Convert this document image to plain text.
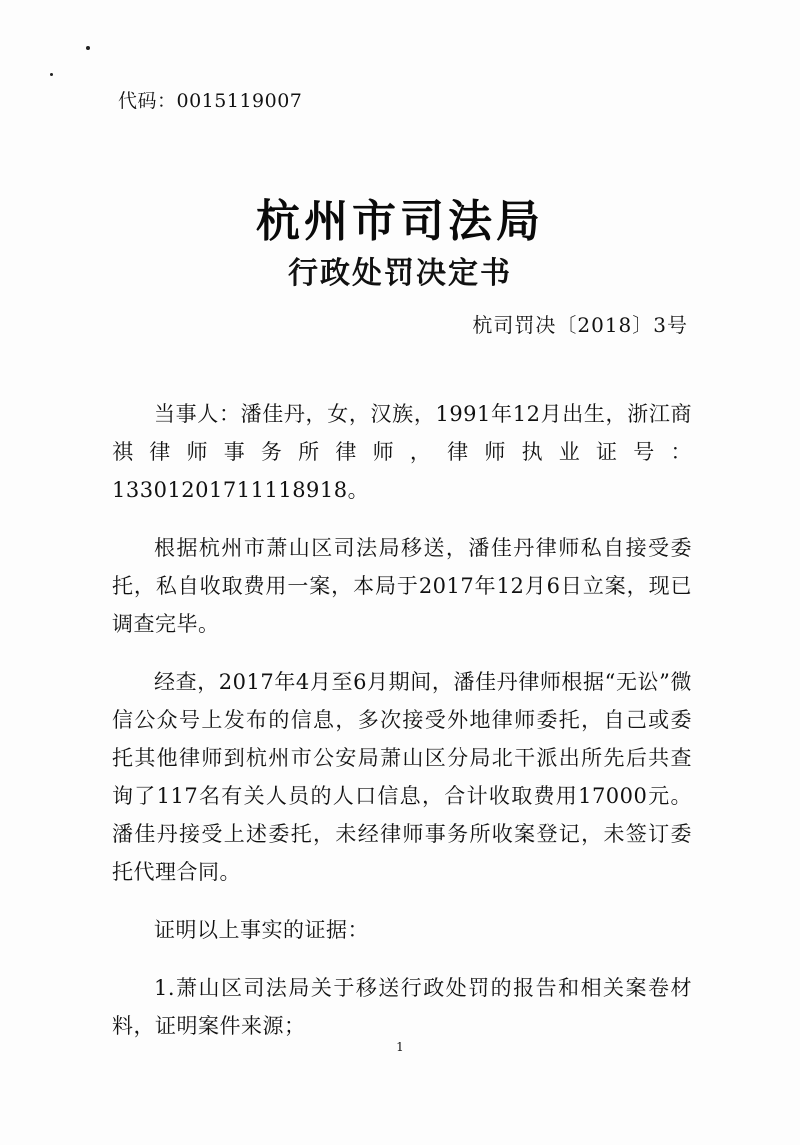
代码：0015119007
杭州市司法局
行政处罚决定书
杭司罚决〔2018〕3号

当事人：潘佳丹，女，汉族，1991年12月出生，浙江商祺律师事务所律师，律师执业证号：13301201711118918。

根据杭州市萧山区司法局移送，潘佳丹律师私自接受委托，私自收取费用一案，本局于2017年12月6日立案，现已调查完毕。

经查，2017年4月至6月期间，潘佳丹律师根据“无讼”微信公众号上发布的信息，多次接受外地律师委托，自己或委托其他律师到杭州市公安局萧山区分局北干派出所先后共查询了117名有关人员的人口信息，合计收取费用17000元。潘佳丹接受上述委托，未经律师事务所收案登记，未签订委托代理合同。

证明以上事实的证据：

1.萧山区司法局关于移送行政处罚的报告和相关案卷材料，证明案件来源；

1
